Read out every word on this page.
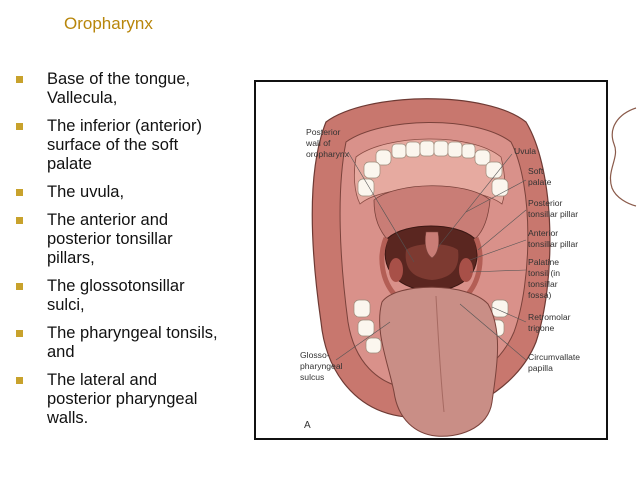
Oropharynx
Base of the tongue,
Vallecula,
The inferior (anterior)
surface of the soft
palate
The uvula,
The anterior and
posterior tonsillar
pillars,
The glossotonsillar
sulci,
The pharyngeal tonsils,
and
The lateral and
posterior pharyngeal
walls.
Posterior wall of oropharynx	Uvula
Soft palate
Posterior tonsillar pillar
Anterior tonsillar pillar
Palatine tonsil (in tonsillar fossa)
Retromolar trigone
Circumvallate papilla
Glosso-pharyngeal sulcus
A
